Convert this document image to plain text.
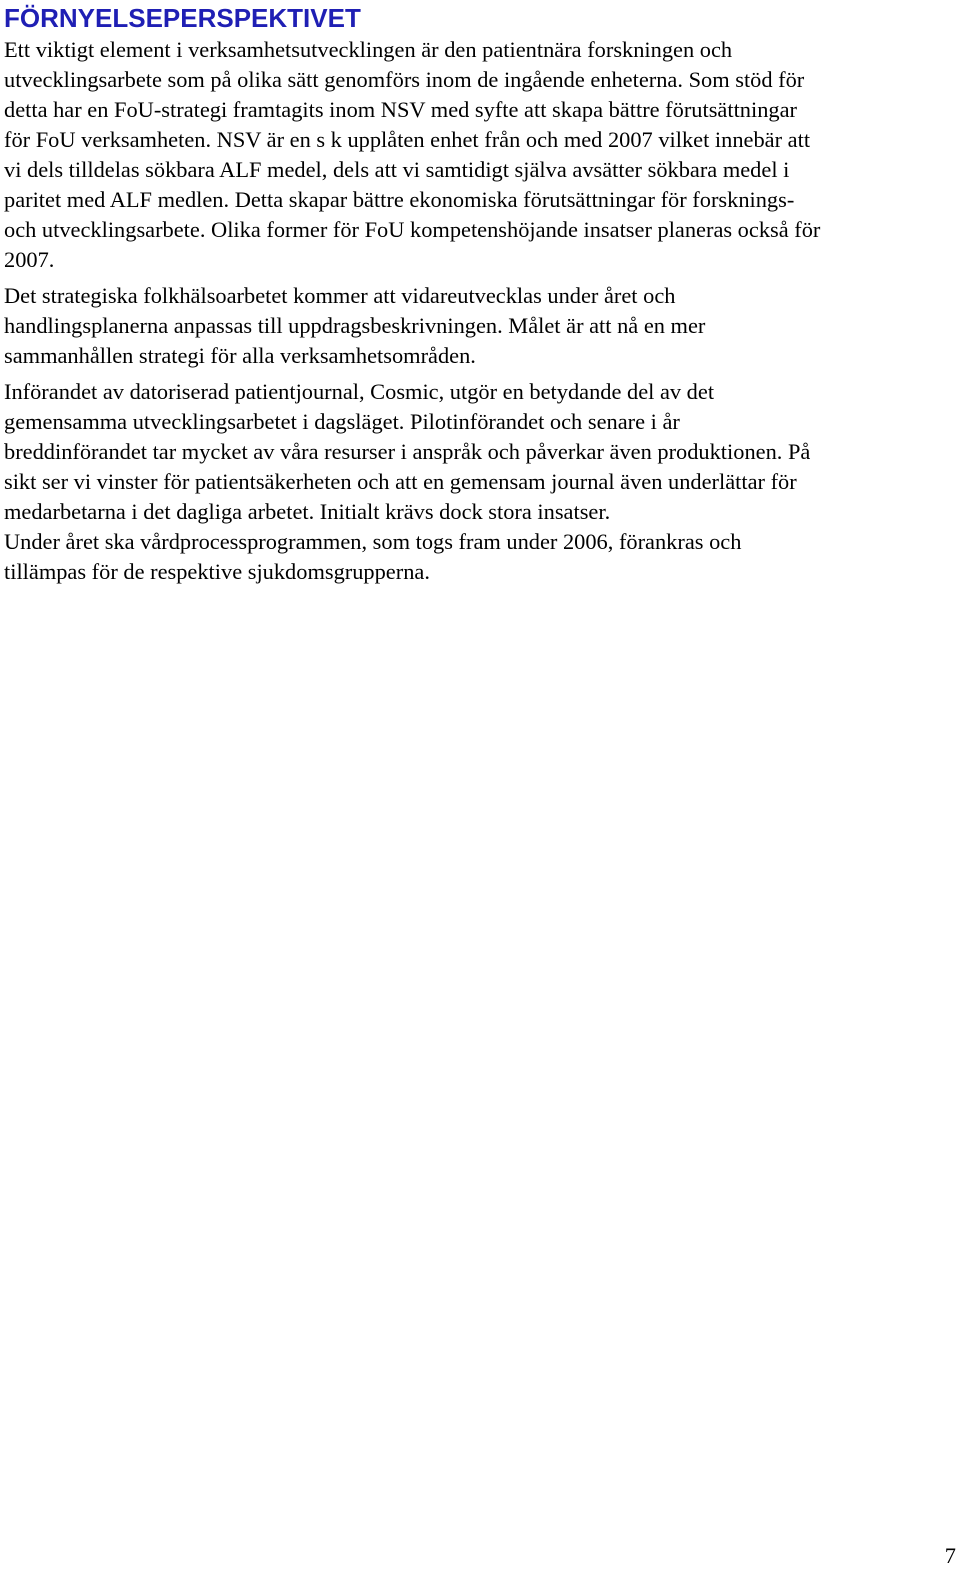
FÖRNYELSEPERSPEKTIVET

Ett viktigt element i verksamhetsutvecklingen är den patientnära forskningen och
utvecklingsarbete som på olika sätt genomförs inom de ingående enheterna. Som stöd för
detta har en FoU-strategi framtagits inom NSV med syfte att skapa bättre förutsättningar
för FoU verksamheten. NSV är en s k upplåten enhet från och med 2007 vilket innebär att
vi dels tilldelas sökbara ALF medel, dels att vi samtidigt själva avsätter sökbara medel i
paritet med ALF medlen. Detta skapar bättre ekonomiska förutsättningar för forsknings-
och utvecklingsarbete. Olika former för FoU kompetenshöjande insatser planeras också för
2007.

Det strategiska folkhälsoarbetet kommer att vidareutvecklas under året och
handlingsplanerna anpassas till uppdragsbeskrivningen. Målet är att nå en mer
sammanhållen strategi för alla verksamhetsområden.

Införandet av datoriserad patientjournal, Cosmic, utgör en betydande del av det
gemensamma utvecklingsarbetet i dagsläget. Pilotinförandet och senare i år
breddinförandet tar mycket av våra resurser i anspråk och påverkar även produktionen. På
sikt ser vi vinster för patientsäkerheten och att en gemensam journal även underlättar för
medarbetarna i det dagliga arbetet. Initialt krävs dock stora insatser.

Under året ska vårdprocessprogrammen, som togs fram under 2006, förankras och
tillämpas för de respektive sjukdomsgrupperna.

7
